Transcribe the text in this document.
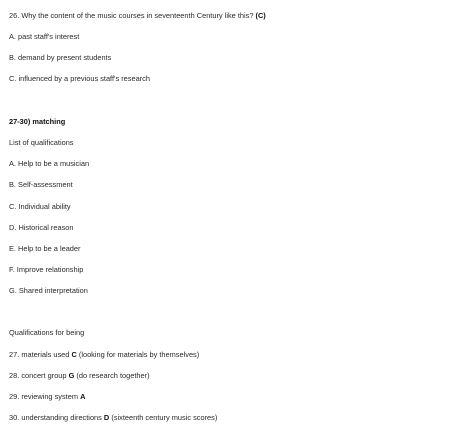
26. Why the content of the music courses in seventeenth Century like this? (C)
A. past staff's interest
B. demand by present students
C. influenced by a previous staff's research
27-30) matching
List of qualifications
A. Help to be a musician
B. Self-assessment
C. Individual ability
D. Historical reason
E. Help to be a leader
F. Improve relationship
G. Shared interpretation
Qualifications for being
27. materials used C (looking for materials by themselves)
28. concert group G (do research together)
29. reviewing system A
30. understanding directions D (sixteenth century music scores)
